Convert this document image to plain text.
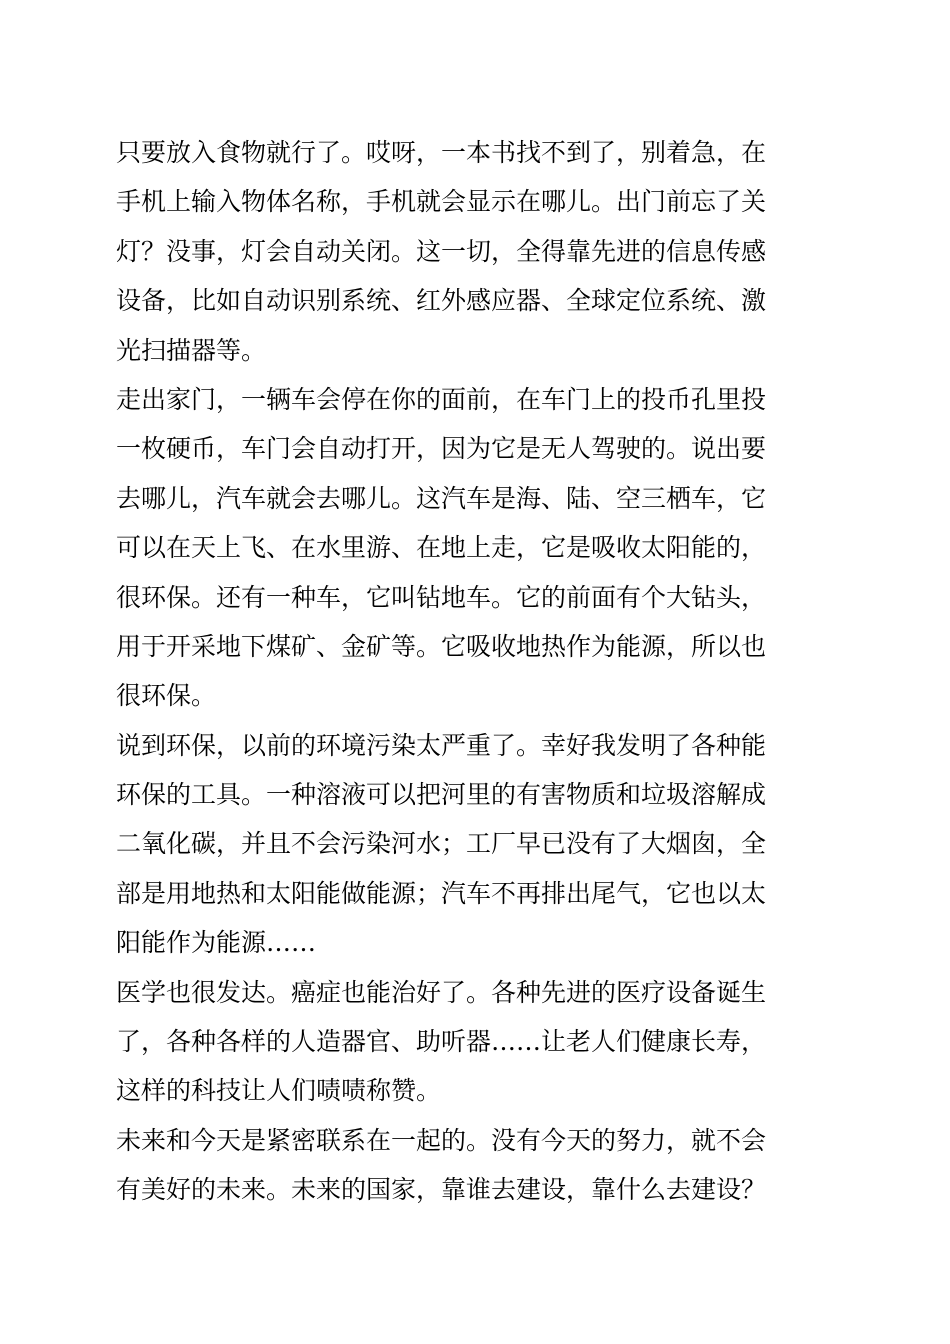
只要放入食物就行了。哎呀，一本书找不到了，别着急，在
手机上输入物体名称，手机就会显示在哪儿。出门前忘了关
灯？没事，灯会自动关闭。这一切，全得靠先进的信息传感
设备，比如自动识别系统、红外感应器、全球定位系统、激
光扫描器等。
走出家门，一辆车会停在你的面前，在车门上的投币孔里投
一枚硬币，车门会自动打开，因为它是无人驾驶的。说出要
去哪儿，汽车就会去哪儿。这汽车是海、陆、空三栖车，它
可以在天上飞、在水里游、在地上走，它是吸收太阳能的，
很环保。还有一种车，它叫钻地车。它的前面有个大钻头，
用于开采地下煤矿、金矿等。它吸收地热作为能源，所以也
很环保。
说到环保，以前的环境污染太严重了。幸好我发明了各种能
环保的工具。一种溶液可以把河里的有害物质和垃圾溶解成
二氧化碳，并且不会污染河水；工厂早已没有了大烟囱，全
部是用地热和太阳能做能源；汽车不再排出尾气，它也以太
阳能作为能源……
医学也很发达。癌症也能治好了。各种先进的医疗设备诞生
了，各种各样的人造器官、助听器……让老人们健康长寿，
这样的科技让人们啧啧称赞。
未来和今天是紧密联系在一起的。没有今天的努力，就不会
有美好的未来。未来的国家，靠谁去建设，靠什么去建设？
